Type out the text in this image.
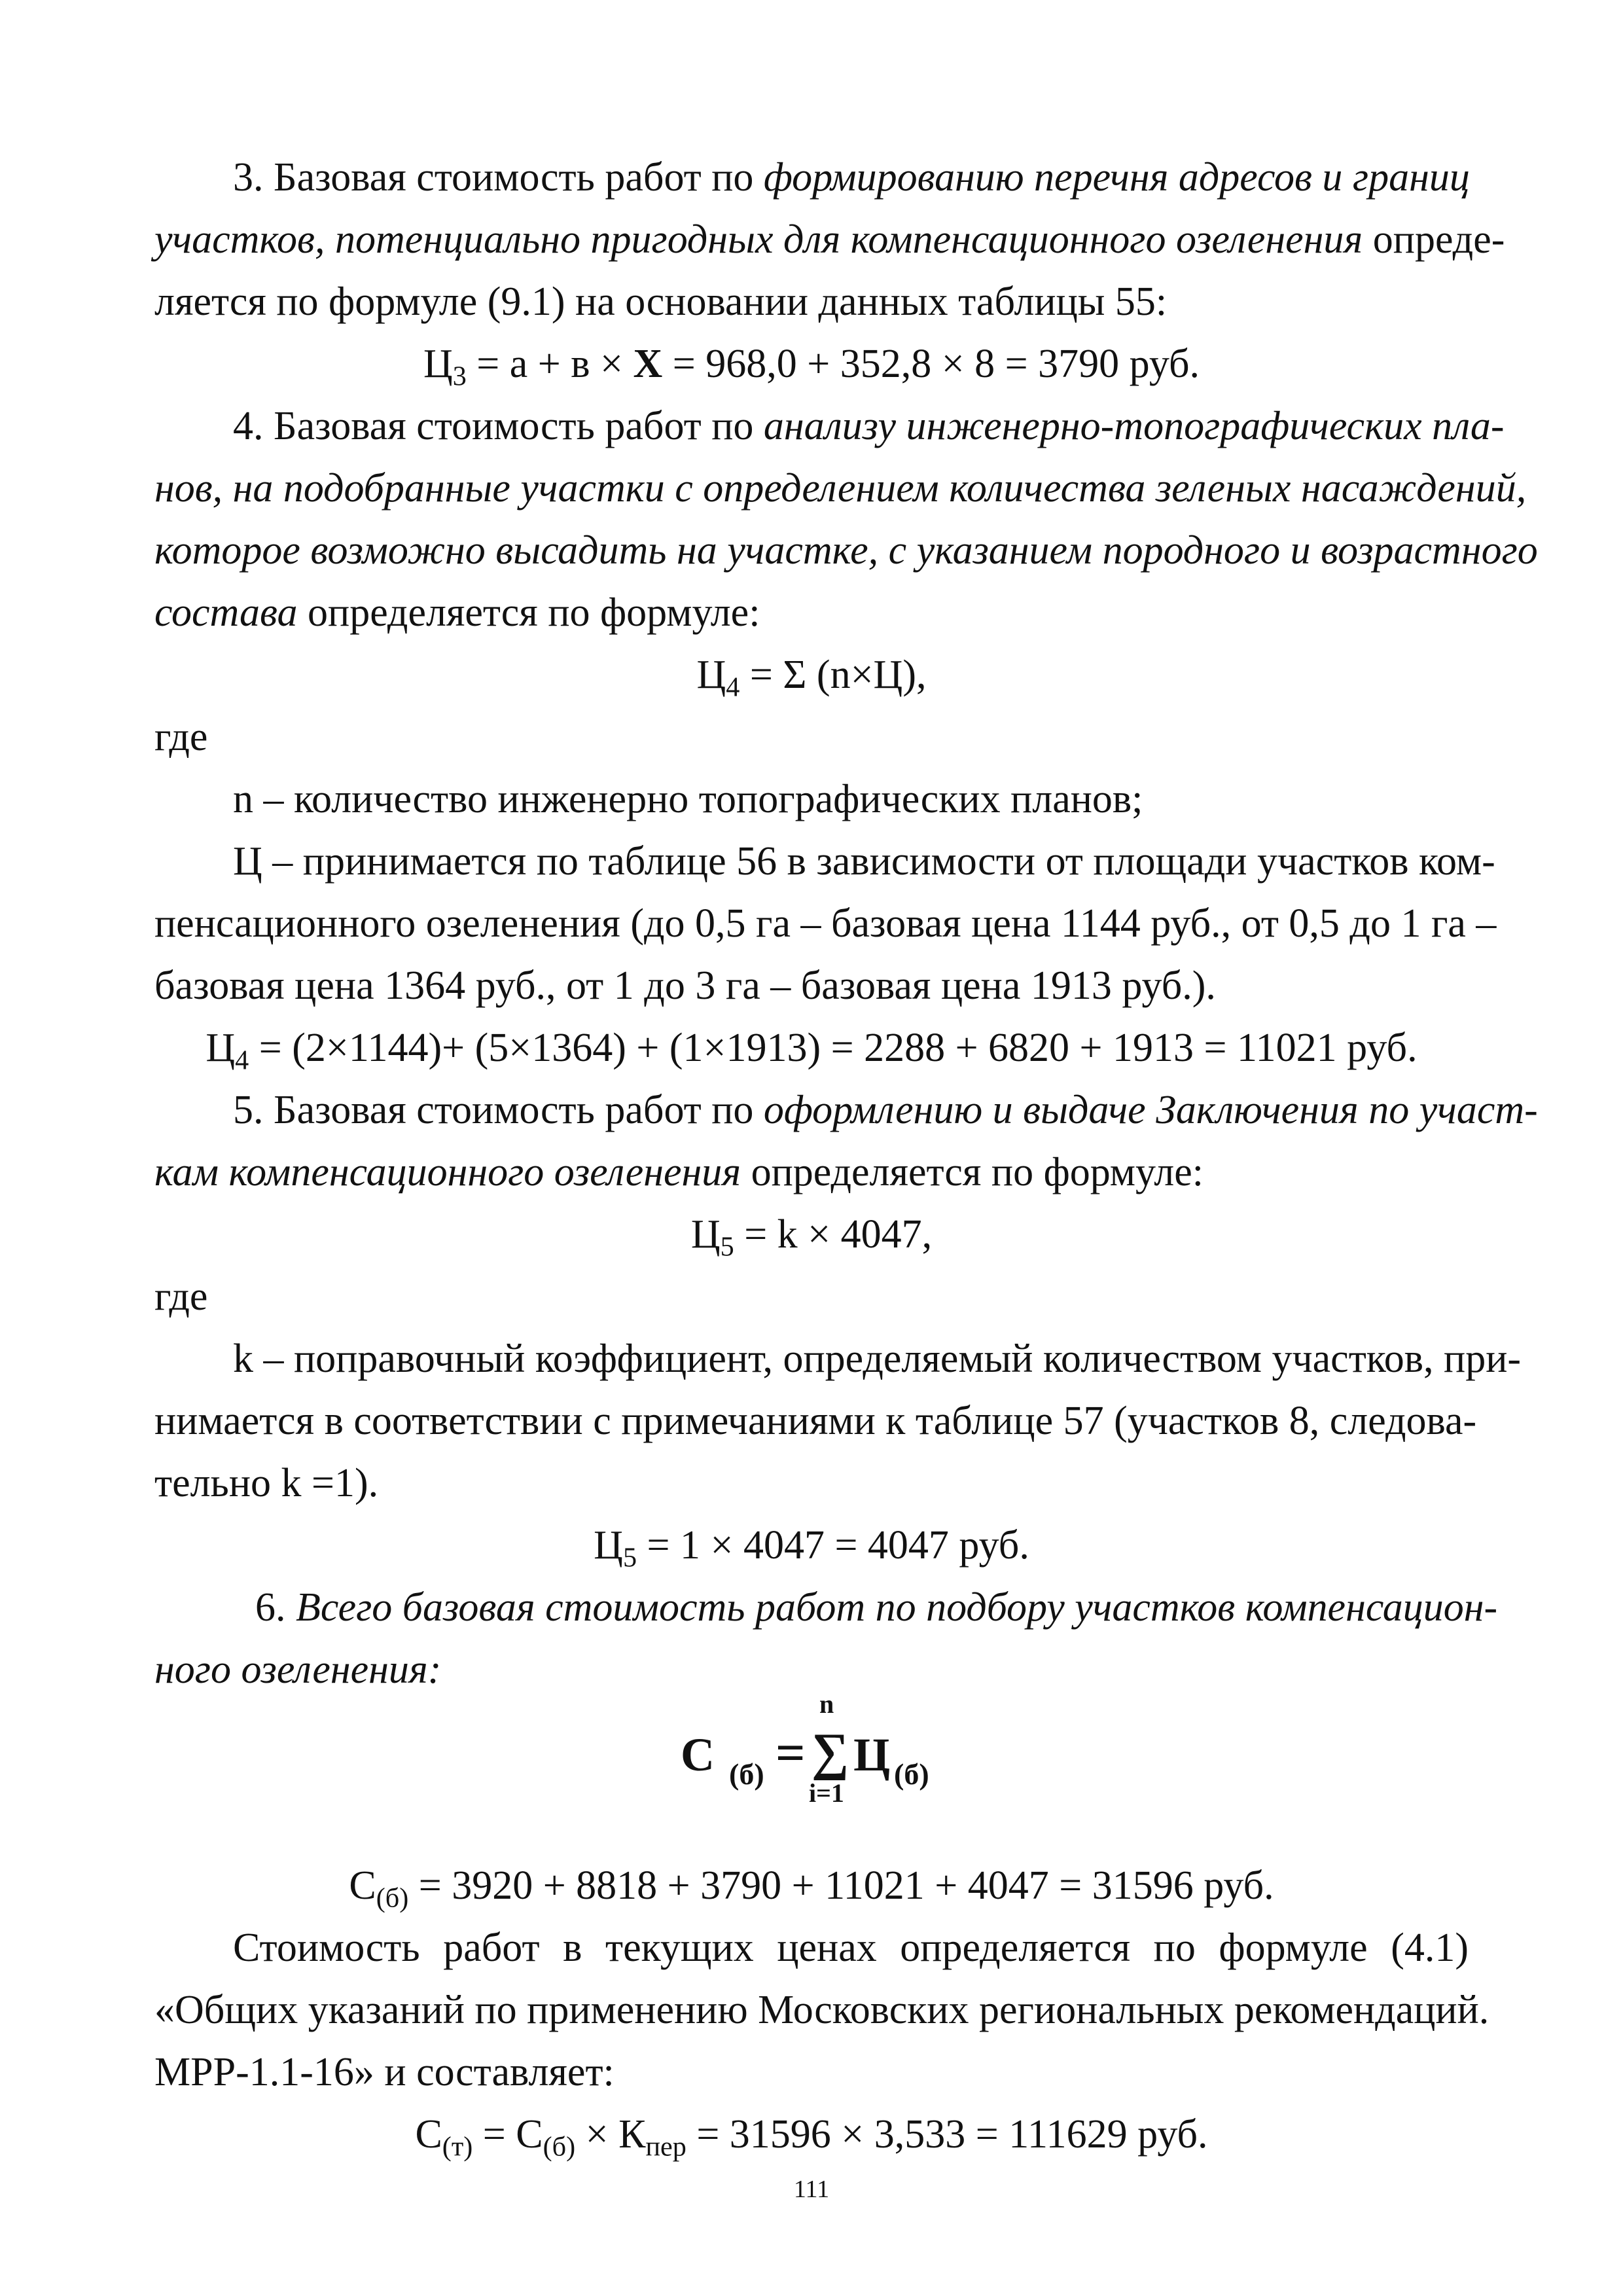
3. Базовая стоимость работ по формированию перечня адресов и границ

участков, потенциально пригодных для компенсационного озеленения опреде-

ляется по формуле (9.1) на основании данных таблицы 55:

$Ц_3 = а + в \times Х = 968,0 + 352,8 \times 8 = 3790$ руб.

4. Базовая стоимость работ по анализу инженерно-топографических пла-

нов, на подобранные участки с определением количества зеленых насаждений,

которое возможно высадить на участке, с указанием породного и возрастного

состава определяется по формуле:

$Ц_4 = \Sigma$ (n×Ц),

где

n – количество инженерно топографических планов;

Ц – принимается по таблице 56 в зависимости от площади участков ком-

пенсационного озеленения (до 0,5 га – базовая цена 1144 руб., от 0,5 до 1 га –

базовая цена 1364 руб., от 1 до 3 га – базовая цена 1913 руб.).

$Ц_4 = (2\times 1144)+ (5\times 1364) + (1\times 1913) = 2288 + 6820 + 1913 = 11021$ руб.

5. Базовая стоимость работ по оформлению и выдаче Заключения по участ-

кам компенсационного озеленения определяется по формуле:

$Ц_5 = k \times 4047$,

где

k – поправочный коэффициент, определяемый количеством участков, при-

нимается в соответствии с примечаниями к таблице 57 (участков 8, следова-

тельно k =1).

$Ц_5 = 1 \times 4047 = 4047$ руб.

6. Всего базовая стоимость работ по подбору участков компенсацион-

ного озеленения:

С (б) =
n
∑
i=1
Ц (б)

$С_{(б)} = 3920 + 8818 + 3790 + 11021 + 4047 = 31596$ руб.

Стоимость работ в текущих ценах определяется по формуле (4.1)

«Общих указаний по применению Московских региональных рекомендаций.

МРР-1.1-16» и составляет:

$С_{(т)} = С_{(б)} \times К_{пер} = 31596 \times 3,533 = 111629$ руб.

111
